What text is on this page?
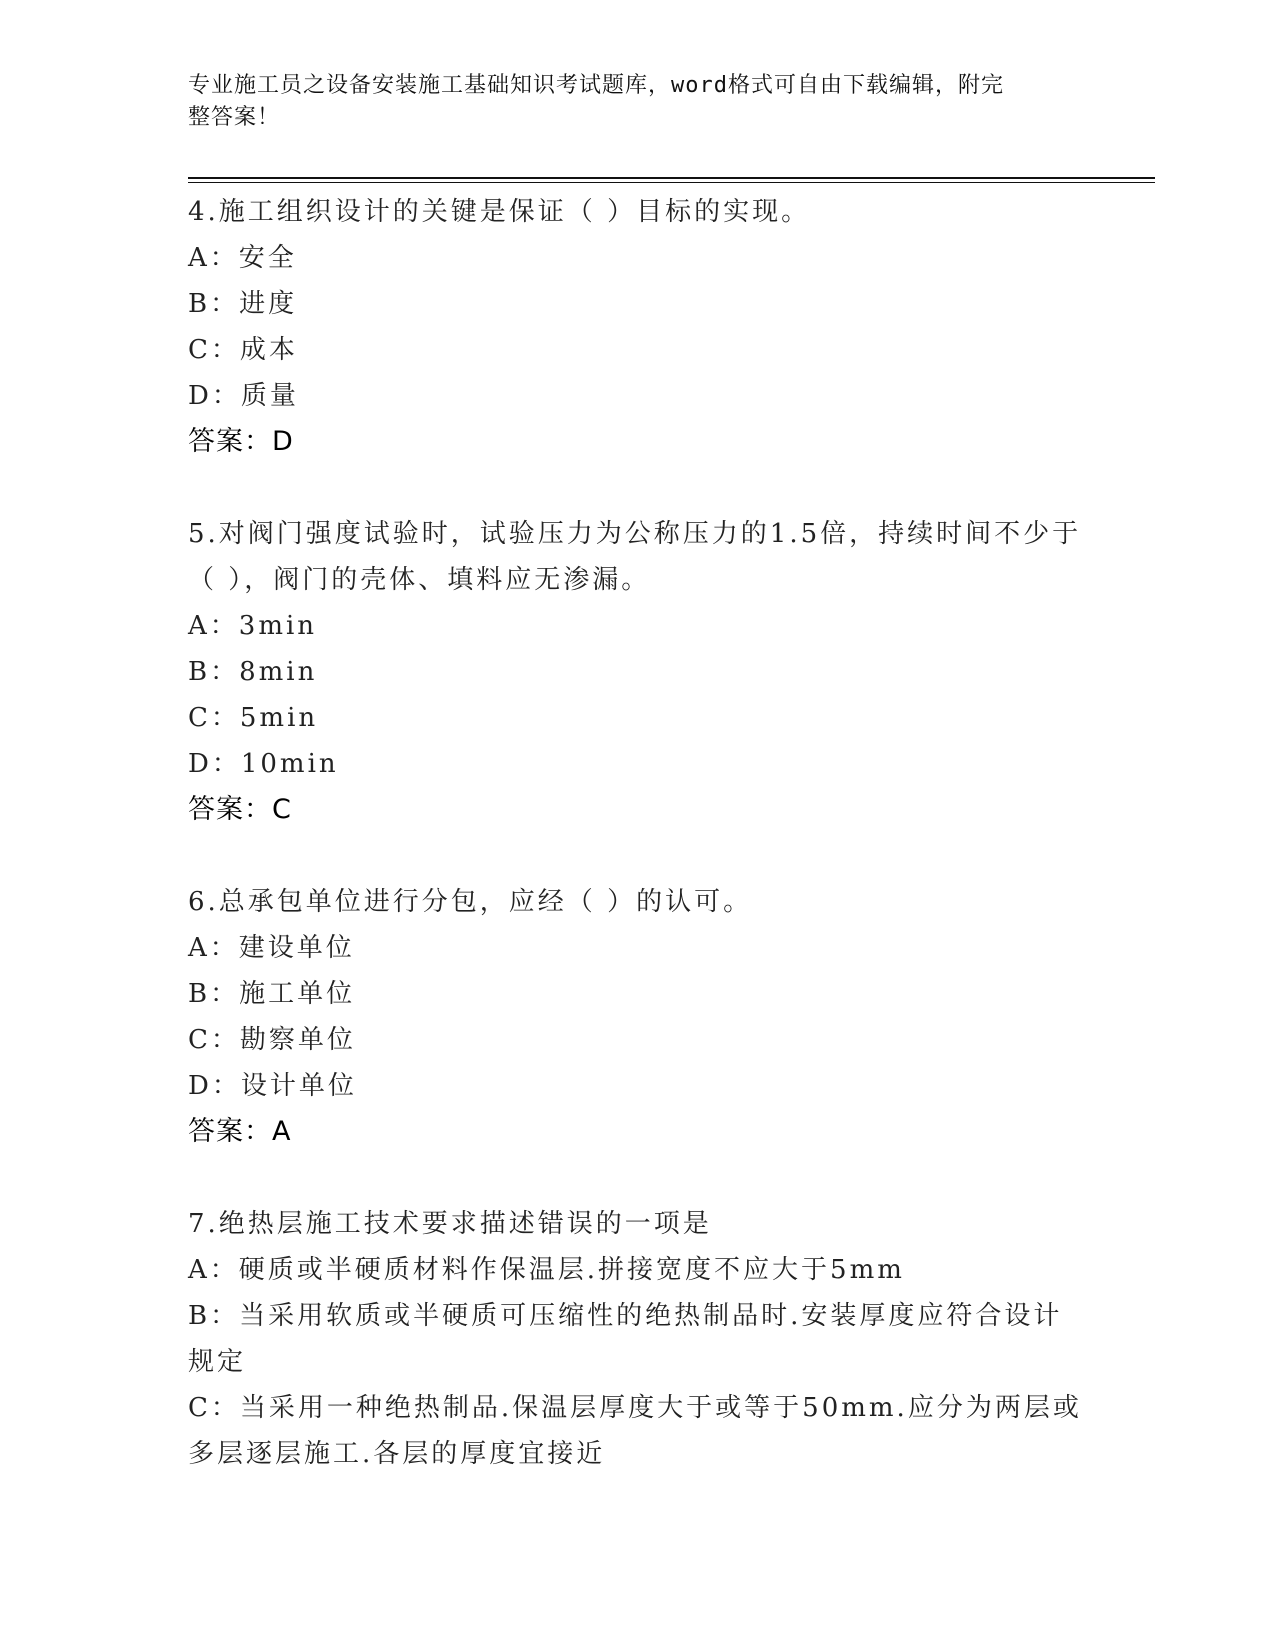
专业施工员之设备安装施工基础知识考试题库，word格式可自由下载编辑，附完
整答案！
4.施工组织设计的关键是保证（ ）目标的实现。
A：安全
B：进度
C：成本
D：质量
答案：D
5.对阀门强度试验时，试验压力为公称压力的1.5倍，持续时间不少于（ ），阀门的壳体、填料应无渗漏。
A：3min
B：8min
C：5min
D：10min
答案：C
6.总承包单位进行分包，应经（ ）的认可。
A：建设单位
B：施工单位
C：勘察单位
D：设计单位
答案：A
7.绝热层施工技术要求描述错误的一项是
A：硬质或半硬质材料作保温层.拼接宽度不应大于5mm
B：当采用软质或半硬质可压缩性的绝热制品时.安装厚度应符合设计规定
C：当采用一种绝热制品.保温层厚度大于或等于50mm.应分为两层或多层逐层施工.各层的厚度宜接近
